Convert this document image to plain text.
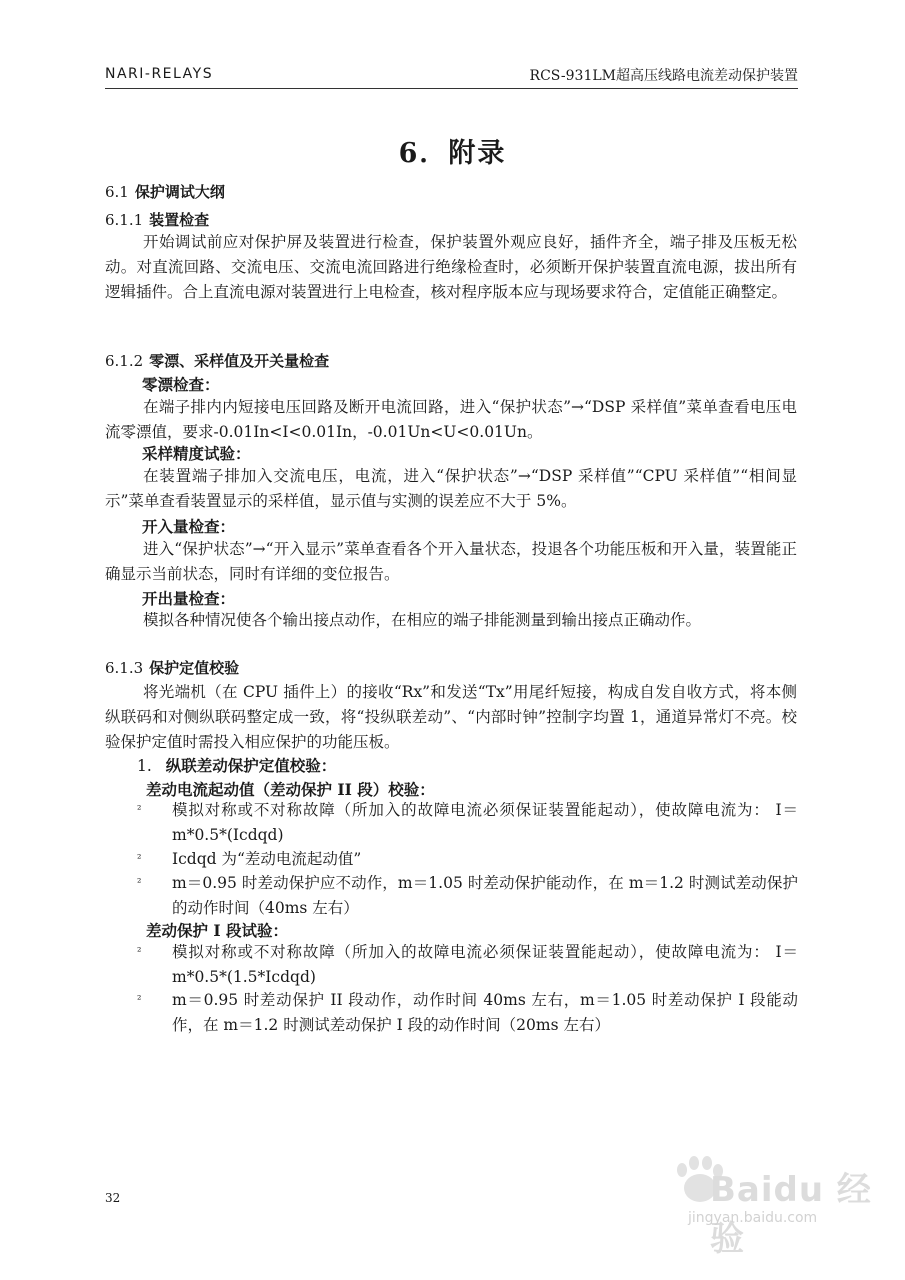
NARI-RELAYS	RCS-931LM超高压线路电流差动保护装置
6．附录
6.1 保护调试大纲
6.1.1 装置检查
开始调试前应对保护屏及装置进行检查，保护装置外观应良好，插件齐全，端子排及压板无松动。对直流回路、交流电压、交流电流回路进行绝缘检查时，必须断开保护装置直流电源，拔出所有逻辑插件。合上直流电源对装置进行上电检查，核对程序版本应与现场要求符合，定值能正确整定。
6.1.2 零漂、采样值及开关量检查
零漂检查：
在端子排内内短接电压回路及断开电流回路，进入“保护状态”→“DSP 采样值”菜单查看电压电流零漂值，要求-0.01In<I<0.01In，-0.01Un<U<0.01Un。
采样精度试验：
在装置端子排加入交流电压，电流，进入“保护状态”→“DSP 采样值”“CPU 采样值”“相间显示”菜单查看装置显示的采样值，显示值与实测的误差应不大于 5%。
开入量检查：
进入“保护状态”→“开入显示”菜单查看各个开入量状态，投退各个功能压板和开入量，装置能正确显示当前状态，同时有详细的变位报告。
开出量检查：
模拟各种情况使各个输出接点动作，在相应的端子排能测量到输出接点正确动作。
6.1.3 保护定值校验
将光端机（在 CPU 插件上）的接收“Rx”和发送“Tx”用尾纤短接，构成自发自收方式，将本侧纵联码和对侧纵联码整定成一致，将“投纵联差动”、“内部时钟”控制字均置 1，通道异常灯不亮。校验保护定值时需投入相应保护的功能压板。
1. 纵联差动保护定值校验：
差动电流起动值（差动保护 II 段）校验：
² 模拟对称或不对称故障（所加入的故障电流必须保证装置能起动），使故障电流为： I＝m*0.5*(Icdqd)
² Icdqd 为“差动电流起动值”
² m＝0.95 时差动保护应不动作，m＝1.05 时差动保护能动作，在 m＝1.2 时测试差动保护的动作时间（40ms 左右）
差动保护 I 段试验：
² 模拟对称或不对称故障（所加入的故障电流必须保证装置能起动），使故障电流为： I＝m*0.5*(1.5*Icdqd)
² m＝0.95 时差动保护 II 段动作，动作时间 40ms 左右，m＝1.05 时差动保护 I 段能动作，在 m＝1.2 时测试差动保护 I 段的动作时间（20ms 左右）
32	Baidu 经验
jingyan.baidu.com
